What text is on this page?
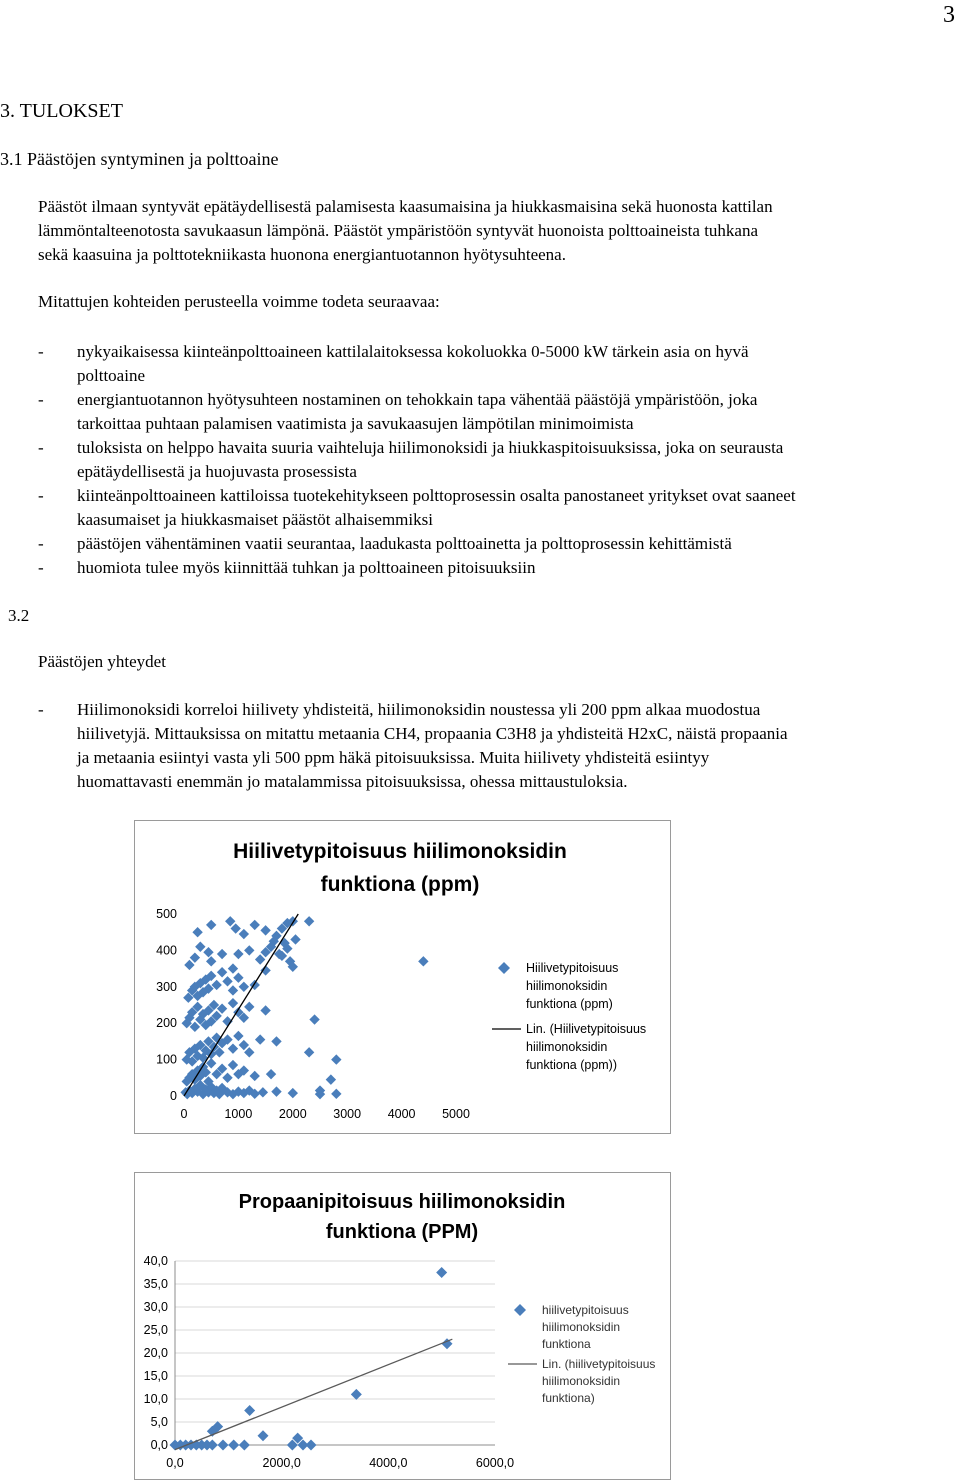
3
3. TULOKSET
3.1 Päästöjen syntyminen ja polttoaine
Päästöt ilmaan syntyvät epätäydellisestä palamisesta kaasumaisina ja hiukkasmaisina sekä huonosta kattilan
lämmöntalteenotosta savukaasun lämpönä. Päästöt ympäristöön syntyvät huonoista polttoaineista tuhkana
sekä kaasuina ja polttotekniikasta huonona energiantuotannon hyötysuhteena.
Mitattujen kohteiden perusteella voimme todeta seuraavaa:
- nykyaikaisessa kiinteänpolttoaineen kattilalaitoksessa kokoluokka 0-5000 kW tärkein asia on hyvä
polttoaine
- energiantuotannon hyötysuhteen nostaminen on tehokkain tapa vähentää päästöjä ympäristöön, joka
tarkoittaa puhtaan palamisen vaatimista ja savukaasujen lämpötilan minimoimista
- tuloksista on helppo havaita suuria vaihteluja hiilimonoksidi ja hiukkaspitoisuuksissa, joka on seurausta
epätäydellisestä ja huojuvasta prosessista
- kiinteänpolttoaineen kattiloissa tuotekehitykseen polttoprosessin osalta panostaneet yritykset ovat saaneet
kaasumaiset ja hiukkasmaiset päästöt alhaisemmiksi
- päästöjen vähentäminen vaatii seurantaa, laadukasta polttoainetta ja polttoprosessin kehittämistä
- huomiota tulee myös kiinnittää tuhkan ja polttoaineen pitoisuuksiin
3.2
Päästöjen yhteydet
- Hiilimonoksidi korreloi hiilivety yhdisteitä, hiilimonoksidin noustessa yli 200 ppm alkaa muodostua
hiilivetyjä. Mittauksissa on mitattu metaania CH4, propaania C3H8 ja yhdisteitä H2xC, näistä propaania
ja metaania esiintyi vasta yli 500 ppm häkä pitoisuuksissa. Muita hiilivety yhdisteitä esiintyy
huomattavasti enemmän jo matalammissa pitoisuuksissa, ohessa mittaustuloksia.
Hiilivetypitoisuus hiilimonoksidin
funktiona (ppm)
0
100
200
300
400
500
0	1000 2000 3000 4000 5000
Hiilivetypitoisuus
hiilimonoksidin
funktiona (ppm)
Lin. (Hiilivetypitoisuus
hiilimonoksidin
funktiona (ppm))
Propaanipitoisuus hiilimonoksidin
funktiona (PPM)
0,0
5,0
10,0
15,0
20,0
25,0
30,0
35,0
40,0
0,0	2000,0	4000,0	6000,0
hiilivetypitoisuus
hiilimonoksidin
funktiona
Lin. (hiilivetypitoisuus
hiilimonoksidin
funktiona)
